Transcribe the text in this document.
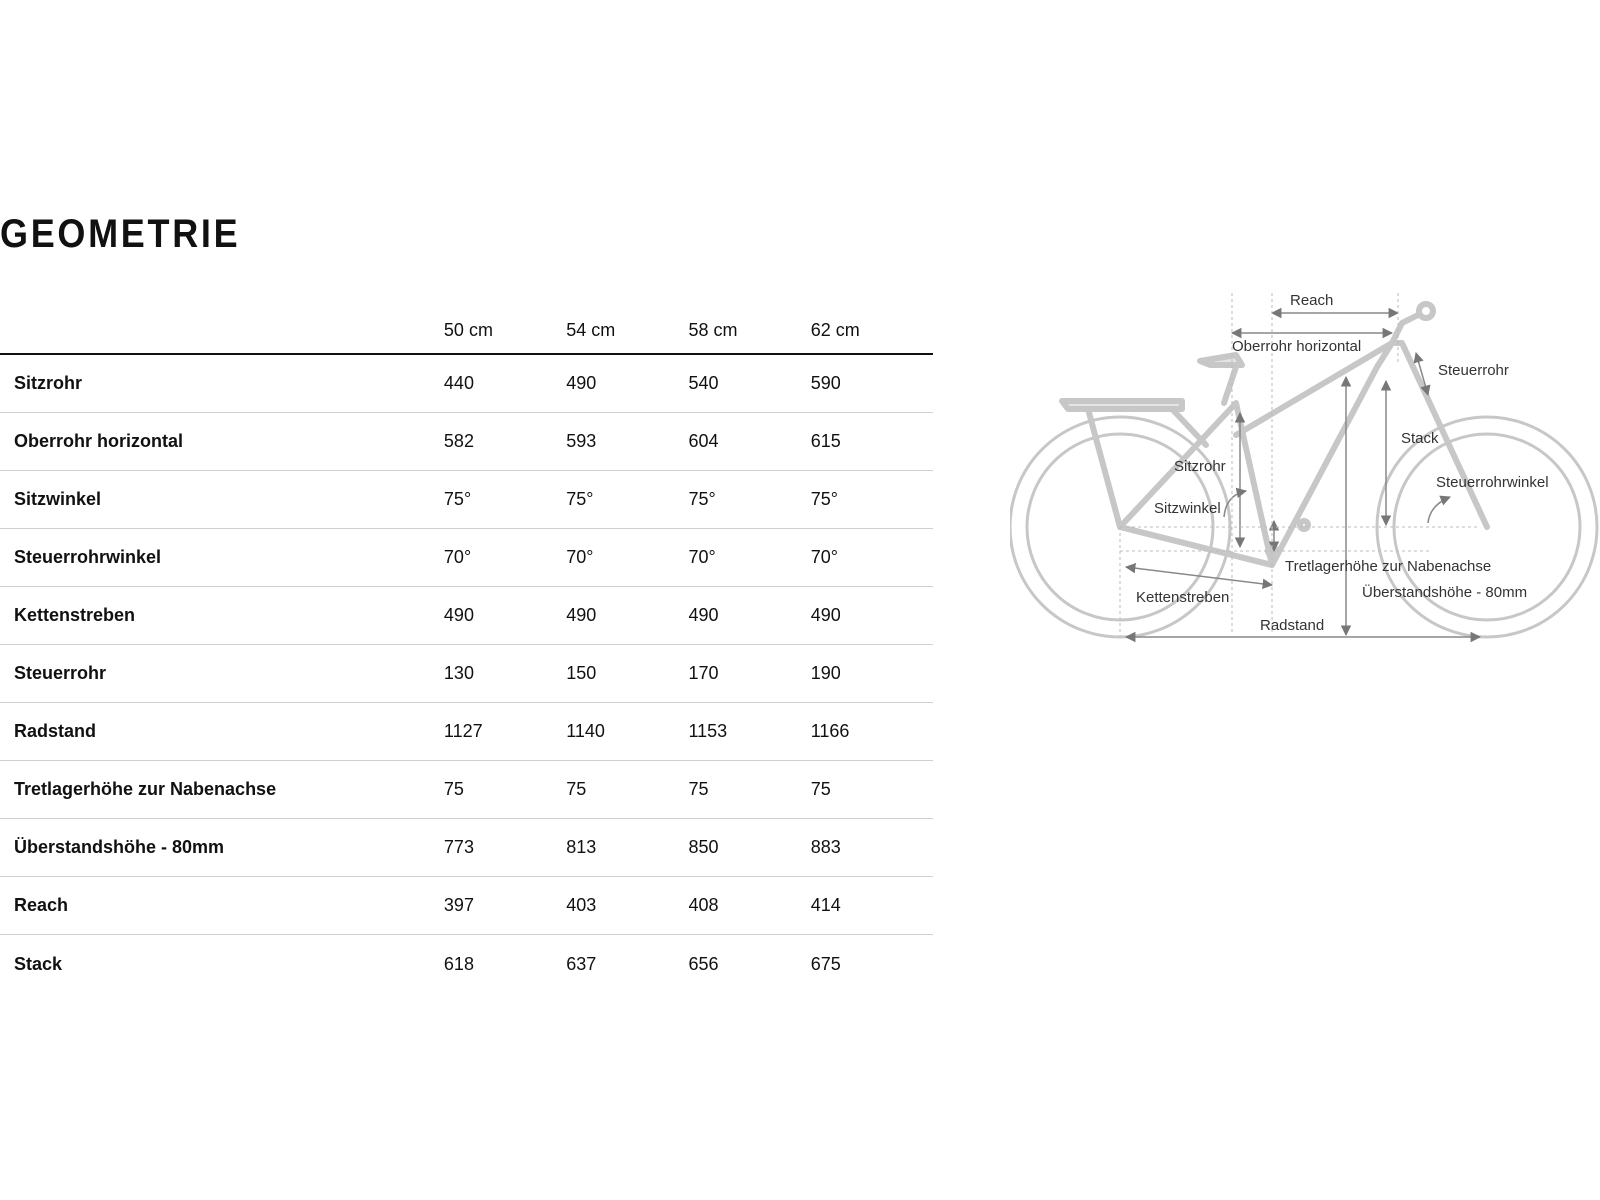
GEOMETRIE
50 cm	54 cm	58 cm	62 cm
Sitzrohr	440	490	540	590
Oberrohr horizontal	582	593	604	615
Sitzwinkel	75°	75°	75°	75°
Steuerrohrwinkel	70°	70°	70°	70°
Kettenstreben	490	490	490	490
Steuerrohr	130	150	170	190
Radstand	1127	1140	1153	1166
Tretlagerhöhe zur Nabenachse	75	75	75	75
Überstandshöhe - 80mm	773	813	850	883
Reach	397	403	408	414
Stack	618	637	656	675
Reach
Oberrohr horizontal
Steuerrohr
Stack
Sitzrohr
Steuerrohrwinkel
Sitzwinkel
Tretlagerhöhe zur Nabenachse
Überstandshöhe - 80mm
Kettenstreben
Radstand
